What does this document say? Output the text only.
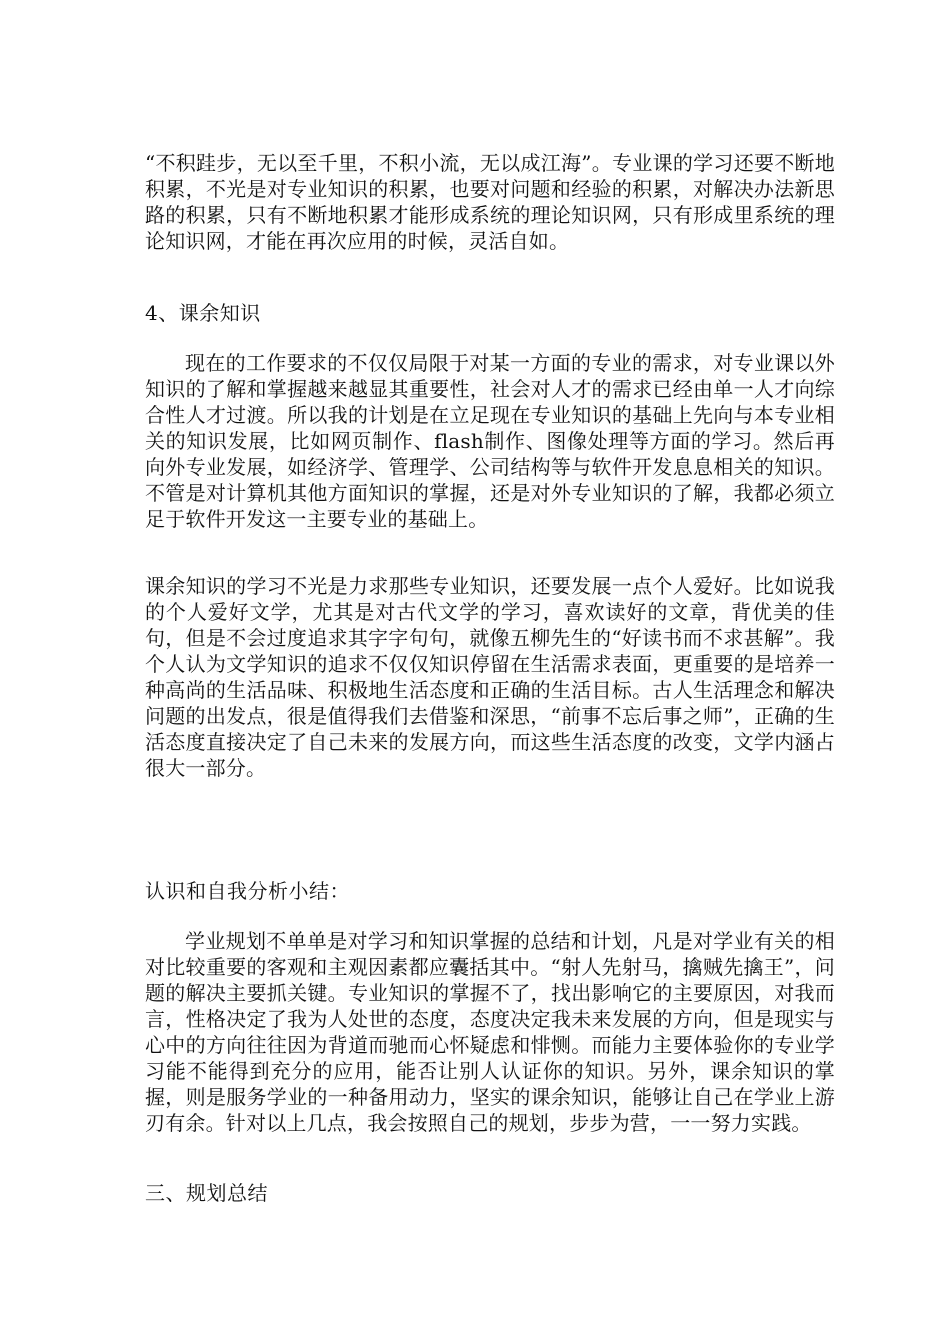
“不积跬步，无以至千里，不积小流，无以成江海”。专业课的学习还要不断地积累，不光是对专业知识的积累，也要对问题和经验的积累，对解决办法新思路的积累，只有不断地积累才能形成系统的理论知识网，只有形成里系统的理论知识网，才能在再次应用的时候，灵活自如。

4、课余知识

现在的工作要求的不仅仅局限于对某一方面的专业的需求，对专业课以外知识的了解和掌握越来越显其重要性，社会对人才的需求已经由单一人才向综合性人才过渡。所以我的计划是在立足现在专业知识的基础上先向与本专业相关的知识发展，比如网页制作、flash制作、图像处理等方面的学习。然后再向外专业发展，如经济学、管理学、公司结构等与软件开发息息相关的知识。不管是对计算机其他方面知识的掌握，还是对外专业知识的了解，我都必须立足于软件开发这一主要专业的基础上。

课余知识的学习不光是力求那些专业知识，还要发展一点个人爱好。比如说我的个人爱好文学，尤其是对古代文学的学习，喜欢读好的文章，背优美的佳句，但是不会过度追求其字字句句，就像五柳先生的“好读书而不求甚解”。我个人认为文学知识的追求不仅仅知识停留在生活需求表面，更重要的是培养一种高尚的生活品味、积极地生活态度和正确的生活目标。古人生活理念和解决问题的出发点，很是值得我们去借鉴和深思，“前事不忘后事之师”，正确的生活态度直接决定了自己未来的发展方向，而这些生活态度的改变，文学内涵占很大一部分。

认识和自我分析小结：

学业规划不单单是对学习和知识掌握的总结和计划，凡是对学业有关的相对比较重要的客观和主观因素都应囊括其中。“射人先射马，擒贼先擒王”，问题的解决主要抓关键。专业知识的掌握不了，找出影响它的主要原因，对我而言，性格决定了我为人处世的态度，态度决定我未来发展的方向，但是现实与心中的方向往往因为背道而驰而心怀疑虑和悱恻。而能力主要体验你的专业学习能不能得到充分的应用，能否让别人认证你的知识。另外，课余知识的掌握，则是服务学业的一种备用动力，坚实的课余知识，能够让自己在学业上游刃有余。针对以上几点，我会按照自己的规划，步步为营，一一努力实践。

三、规划总结
